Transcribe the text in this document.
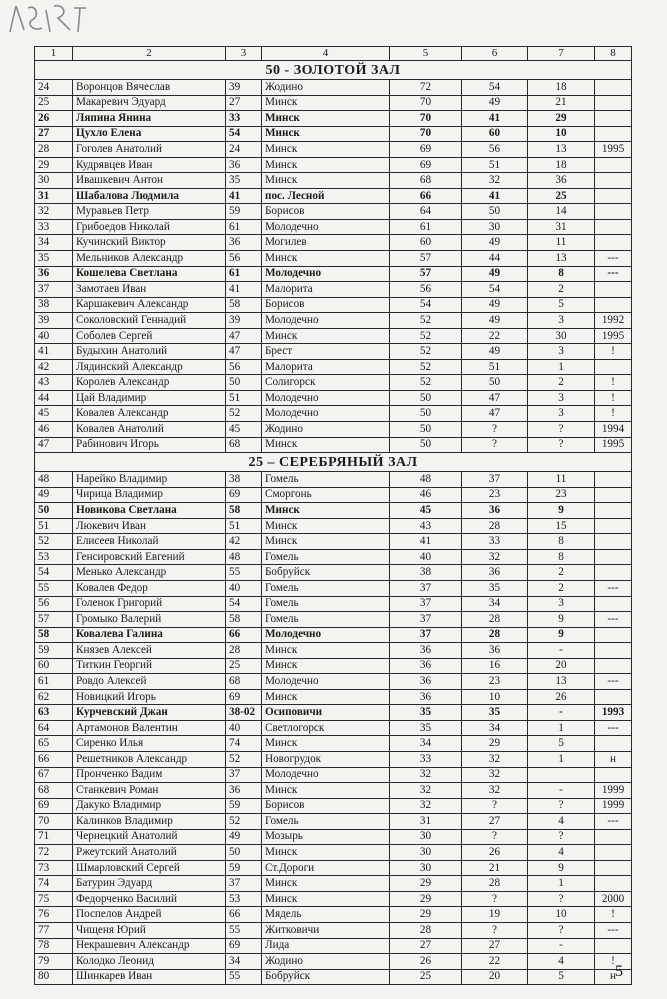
1	2	3	4	5	6	7	8
50 - ЗОЛОТОЙ ЗАЛ							
24	Воронцов Вячеслав	39	Жодино	72	54	18	
25	Макаревич Эдуард	27	Минск	70	49	21	
26	Ляпина Янина	33	Минск	70	41	29	
27	Цухло Елена	54	Минск	70	60	10	
28	Гоголев Анатолий	24	Минск	69	56	13	1995
29	Кудрявцев Иван	36	Минск	69	51	18	
30	Ивашкевич Антон	35	Минск	68	32	36	
31	Шабалова Людмила	41	пос. Лесной	66	41	25	
32	Муравьев Петр	59	Борисов	64	50	14	
33	Грибоедов Николай	61	Молодечно	61	30	31	
34	Кучинский Виктор	36	Могилев	60	49	11	
35	Мельников Александр	56	Минск	57	44	13	---
36	Кошелева Светлана	61	Молодечно	57	49	8	---
37	Замотаев Иван	41	Малорита	56	54	2	
38	Каршакевич Александр	58	Борисов	54	49	5	
39	Соколовский Геннадий	39	Молодечно	52	49	3	1992
40	Соболев Сергей	47	Минск	52	22	30	1995
41	Будыхин Анатолий	47	Брест	52	49	3	!
42	Лядинский Александр	56	Малорита	52	51	1	
43	Королев Александр	50	Солигорск	52	50	2	!
44	Цай Владимир	51	Молодечно	50	47	3	!
45	Ковалев Александр	52	Молодечно	50	47	3	!
46	Ковалев Анатолий	45	Жодино	50	?	?	1994
47	Рабинович Игорь	68	Минск	50	?	?	1995
25 – СЕРЕБРЯНЫЙ ЗАЛ							
48	Нарейко Владимир	38	Гомель	48	37	11	
49	Чирица Владимир	69	Сморгонь	46	23	23	
50	Новикова Светлана	58	Минск	45	36	9	
51	Люкевич Иван	51	Минск	43	28	15	
52	Елисеев Николай	42	Минск	41	33	8	
53	Генсировский Евгений	48	Гомель	40	32	8	
54	Менько Александр	55	Бобруйск	38	36	2	
55	Ковалев Федор	40	Гомель	37	35	2	---
56	Голенок Григорий	54	Гомель	37	34	3	
57	Громыко Валерий	58	Гомель	37	28	9	---
58	Ковалева Галина	66	Молодечно	37	28	9	
59	Князев Алексей	28	Минск	36	36	-	
60	Титкин Георгий	25	Минск	36	16	20	
61	Ровдо Алексей	68	Молодечно	36	23	13	---
62	Новицкий Игорь	69	Минск	36	10	26	
63	Курчевский Джан	38-02	Осиповичи	35	35	-	1993
64	Артамонов Валентин	40	Светлогорск	35	34	1	---
65	Сиренко Илья	74	Минск	34	29	5	
66	Решетников Александр	52	Новогрудок	33	32	1	н
67	Пронченко Вадим	37	Молодечно	32	32		
68	Станкевич Роман	36	Минск	32	32	-	1999
69	Дакуко Владимир	59	Борисов	32	?	?	1999
70	Калинков Владимир	52	Гомель	31	27	4	---
71	Чернецкий Анатолий	49	Мозырь	30	?	?	
72	Ржеутский Анатолий	50	Минск	30	26	4	
73	Шмарловский Сергей	59	Ст.Дороги	30	21	9	
74	Батурин Эдуард	37	Минск	29	28	1	
75	Федорченко Василий	53	Минск	29	?	?	2000
76	Поспелов Андрей	66	Мядель	29	19	10	!
77	Чищеня Юрий	55	Житковичи	28	?	?	---
78	Некрашевич Александр	69	Лида	27	27	-	
79	Колодко Леонид	34	Жодино	26	22	4	!
80	Шинкарев Иван	55	Бобруйск	25	20	5	н 5
